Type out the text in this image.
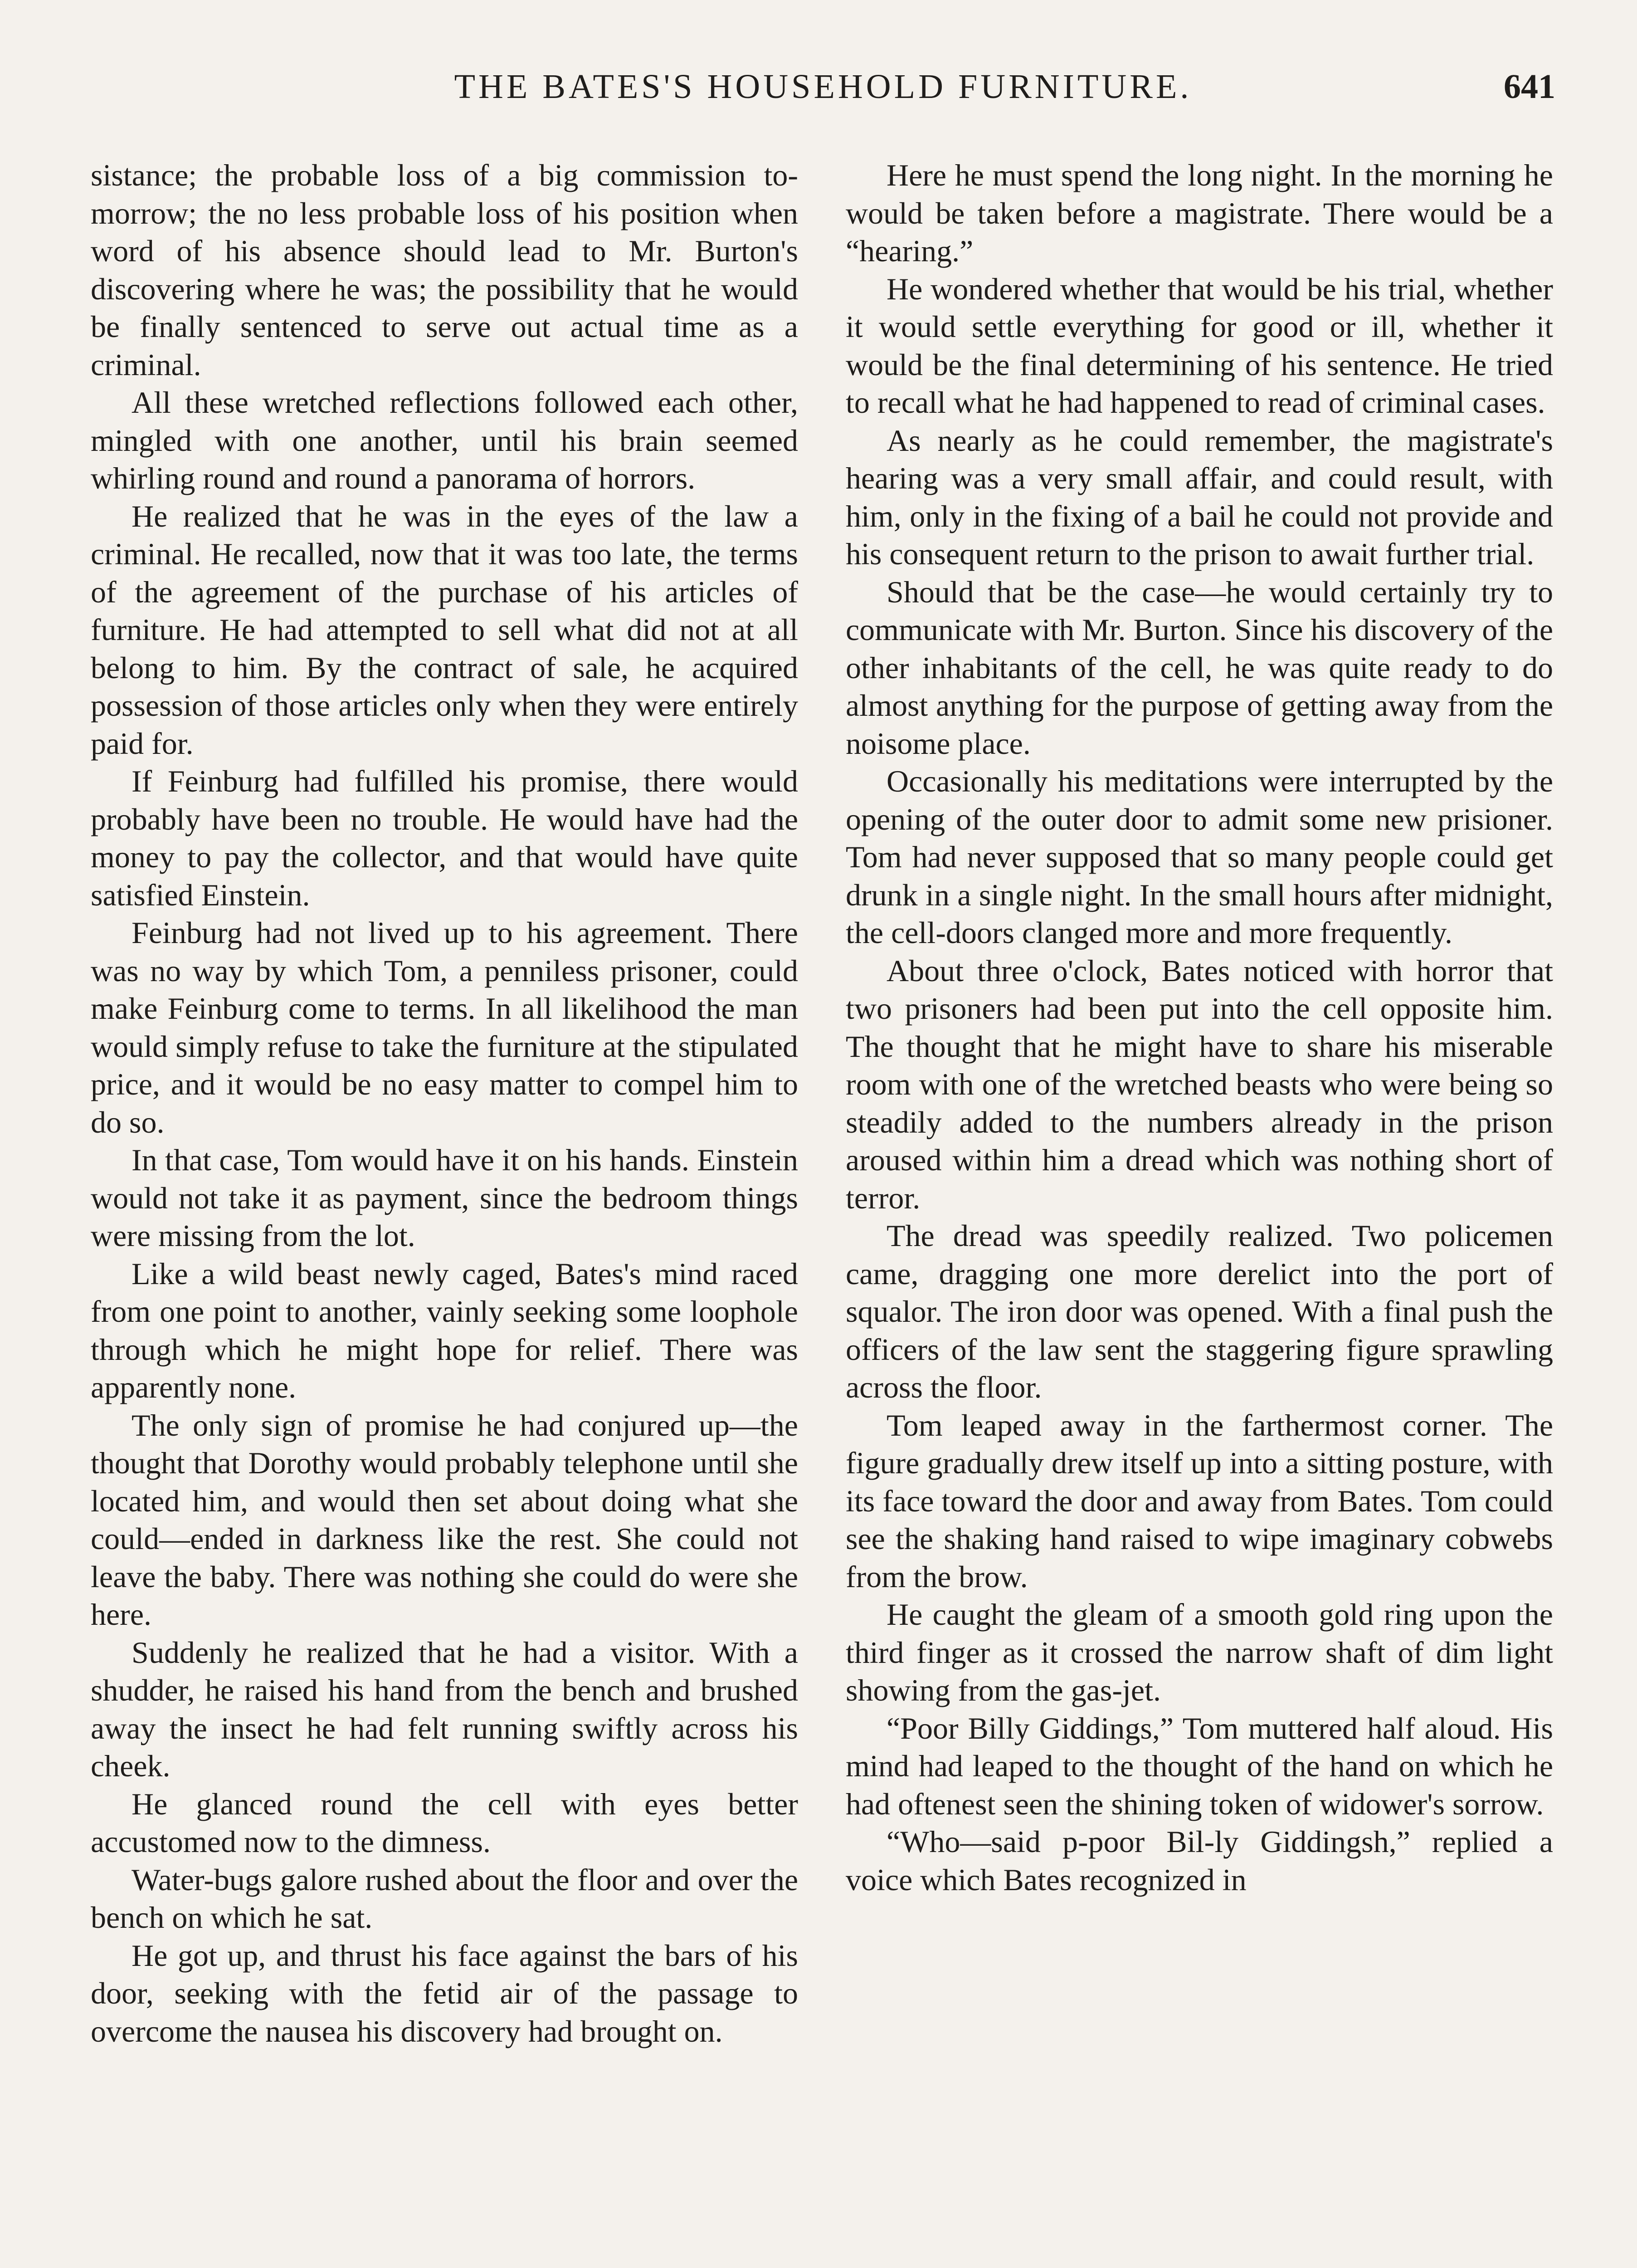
THE BATES'S HOUSEHOLD FURNITURE.	641

sistance; the probable loss of a big commission to-morrow; the no less probable loss of his position when word of his absence should lead to Mr. Burton's discovering where he was; the possibility that he would be finally sentenced to serve out actual time as a criminal.

All these wretched reflections followed each other, mingled with one another, until his brain seemed whirling round and round a panorama of horrors.

He realized that he was in the eyes of the law a criminal. He recalled, now that it was too late, the terms of the agreement of the purchase of his articles of furniture. He had attempted to sell what did not at all belong to him. By the contract of sale, he acquired possession of those articles only when they were entirely paid for.

If Feinburg had fulfilled his promise, there would probably have been no trouble. He would have had the money to pay the collector, and that would have quite satisfied Einstein.

Feinburg had not lived up to his agreement. There was no way by which Tom, a penniless prisoner, could make Feinburg come to terms. In all likelihood the man would simply refuse to take the furniture at the stipulated price, and it would be no easy matter to compel him to do so.

In that case, Tom would have it on his hands. Einstein would not take it as payment, since the bedroom things were missing from the lot.

Like a wild beast newly caged, Bates's mind raced from one point to another, vainly seeking some loophole through which he might hope for relief. There was apparently none.

The only sign of promise he had conjured up—the thought that Dorothy would probably telephone until she located him, and would then set about doing what she could—ended in darkness like the rest. She could not leave the baby. There was nothing she could do were she here.

Suddenly he realized that he had a visitor. With a shudder, he raised his hand from the bench and brushed away the insect he had felt running swiftly across his cheek.

He glanced round the cell with eyes better accustomed now to the dimness.

Water-bugs galore rushed about the floor and over the bench on which he sat.

He got up, and thrust his face against the bars of his door, seeking with the fetid air of the passage to overcome the nausea his discovery had brought on.

Here he must spend the long night. In the morning he would be taken before a magistrate. There would be a “hearing.”

He wondered whether that would be his trial, whether it would settle everything for good or ill, whether it would be the final determining of his sentence. He tried to recall what he had happened to read of criminal cases.

As nearly as he could remember, the magistrate's hearing was a very small affair, and could result, with him, only in the fixing of a bail he could not provide and his consequent return to the prison to await further trial.

Should that be the case—he would certainly try to communicate with Mr. Burton. Since his discovery of the other inhabitants of the cell, he was quite ready to do almost anything for the purpose of getting away from the noisome place.

Occasionally his meditations were interrupted by the opening of the outer door to admit some new prisioner. Tom had never supposed that so many people could get drunk in a single night. In the small hours after midnight, the cell-doors clanged more and more frequently.

About three o'clock, Bates noticed with horror that two prisoners had been put into the cell opposite him. The thought that he might have to share his miserable room with one of the wretched beasts who were being so steadily added to the numbers already in the prison aroused within him a dread which was nothing short of terror.

The dread was speedily realized. Two policemen came, dragging one more derelict into the port of squalor. The iron door was opened. With a final push the officers of the law sent the staggering figure sprawling across the floor.

Tom leaped away in the farthermost corner. The figure gradually drew itself up into a sitting posture, with its face toward the door and away from Bates. Tom could see the shaking hand raised to wipe imaginary cobwebs from the brow.

He caught the gleam of a smooth gold ring upon the third finger as it crossed the narrow shaft of dim light showing from the gas-jet.

“Poor Billy Giddings,” Tom muttered half aloud. His mind had leaped to the thought of the hand on which he had oftenest seen the shining token of widower's sorrow.

“Who—said p-poor Bil-ly Giddingsh,” replied a voice which Bates recognized in
